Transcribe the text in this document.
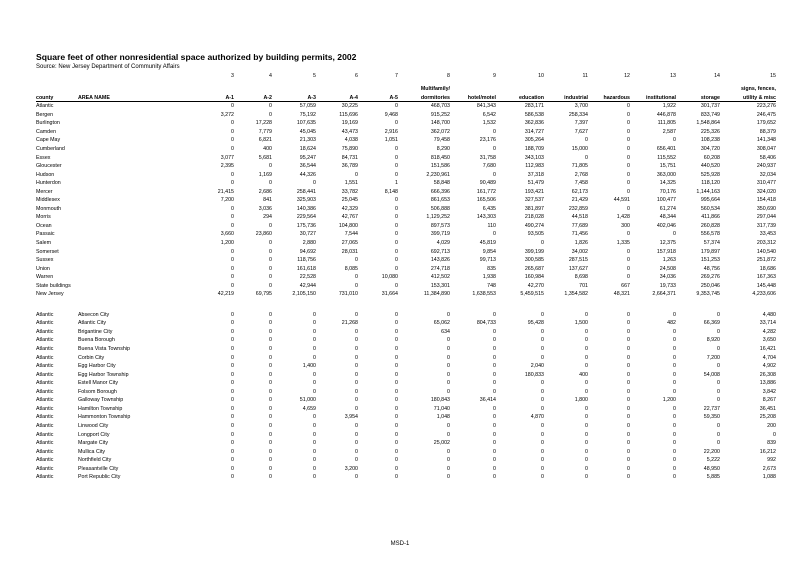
Square feet of other nonresidential space authorized by building permits, 2002
Source: New Jersey Department of Community Affairs
		3	4	5	6	7	8	9	10	11	12	13	14	15
							Multifamily/							signs, fences,
county	AREA NAME	A-1	A-2	A-3	A-4	A-5	dormitories	hotel/motel	education	industrial	hazardous	institutional	storage	utility & misc
Atlantic		0	0	57,059	30,225	0	468,703	841,343	283,171	3,700	0	1,922	301,737	223,276
Bergen		3,272	0	75,192	115,696	9,468	915,252	6,542	586,538	258,334	0	446,878	833,749	246,475
Burlington		0	17,228	107,635	19,169	0	148,700	1,532	362,836	7,397	0	111,805	1,548,864	179,652
Camden		0	7,779	45,045	43,473	2,916	362,072	0	314,727	7,627	0	2,587	225,326	88,379
Cape May		0	6,821	21,303	4,038	1,051	79,458	23,176	305,264	0	0	0	108,238	141,348
Cumberland		0	400	18,624	75,890	0	8,290	0	188,709	15,000	0	656,401	304,720	308,047
Essex		3,077	5,681	95,247	84,731	0	818,450	31,758	343,103	0	0	115,552	60,208	58,406
Gloucester		2,395	0	36,544	36,789	0	151,586	7,680	112,983	71,805	0	15,751	440,520	240,937
Hudson		0	1,169	44,326	0	0	2,230,961	0	37,318	2,768	0	363,000	525,928	32,034
Hunterdon		0	0	0	1,551	1	58,848	90,489	51,479	7,458	0	14,325	118,120	310,477
Mercer		21,415	2,686	258,441	33,782	8,148	666,396	161,772	193,421	62,173	0	70,176	1,144,163	324,020
Middlesex		7,200	841	325,903	25,045	0	861,653	165,506	327,537	21,429	44,591	100,477	995,664	154,418
Monmouth		0	3,036	140,386	42,329	0	506,888	6,435	381,897	232,859	0	61,274	560,534	350,690
Morris		0	294	229,564	42,767	0	1,129,252	143,303	218,028	44,518	1,428	48,344	411,866	297,044
Ocean		0	0	175,736	104,800	0	897,573	110	490,274	77,689	300	402,046	260,828	317,739
Passaic		3,660	23,860	30,727	7,544	0	399,719	0	93,505	71,456	0	0	556,578	33,453
Salem		1,200	0	2,880	27,065	0	4,029	45,819	0	1,826	1,335	12,375	57,374	203,312
Somerset		0	0	94,692	28,031	0	692,713	9,854	399,199	34,002	0	157,918	179,897	140,540
Sussex		0	0	118,756	0	0	143,826	99,713	300,585	287,515	0	1,263	151,253	251,872
Union		0	0	161,618	8,085	0	274,718	835	265,687	137,627	0	24,508	48,756	18,686
Warren		0	0	22,528	0	10,080	412,502	1,938	160,984	8,698	0	34,036	269,276	167,363
State buildings		0	0	42,944	0	0	153,301	748	42,270	701	667	19,733	250,046	145,448
New Jersey		42,219	69,795	2,105,150	731,010	31,664	11,384,890	1,638,553	5,459,515	1,354,582	48,321	2,664,371	9,353,745	4,233,606

Atlantic	Absecon City	0	0	0	0	0	0	0	0	0	0	0	0	4,480
Atlantic	Atlantic City	0	0	0	21,268	0	65,062	804,733	95,428	1,500	0	482	66,369	33,714
Atlantic	Brigantine City	0	0	0	0	0	634	0	0	0	0	0	0	4,282
Atlantic	Buena Borough	0	0	0	0	0	0	0	0	0	0	0	8,920	3,650
Atlantic	Buena Vista Township	0	0	0	0	0	0	0	0	0	0	0	0	16,421
Atlantic	Corbin City	0	0	0	0	0	0	0	0	0	0	0	7,200	4,704
Atlantic	Egg Harbor City	0	0	1,400	0	0	0	0	2,040	0	0	0	0	4,902
Atlantic	Egg Harbor Township	0	0	0	0	0	0	0	180,833	400	0	0	54,008	26,308
Atlantic	Estell Manor City	0	0	0	0	0	0	0	0	0	0	0	0	13,886
Atlantic	Folsom Borough	0	0	0	0	0	0	0	0	0	0	0	0	3,842
Atlantic	Galloway Township	0	0	51,000	0	0	180,843	36,414	0	1,800	0	1,200	0	8,267
Atlantic	Hamilton Township	0	0	4,659	0	0	71,040	0	0	0	0	0	22,737	36,451
Atlantic	Hammonton Township	0	0	0	3,954	0	1,048	0	4,870	0	0	0	59,350	25,208
Atlantic	Linwood City	0	0	0	0	0	0	0	0	0	0	0	0	200
Atlantic	Longport City	0	0	0	0	0	0	0	0	0	0	0	0	0
Atlantic	Margate City	0	0	0	0	0	25,002	0	0	0	0	0	0	839
Atlantic	Mullica City	0	0	0	0	0	0	0	0	0	0	0	22,200	16,212
Atlantic	Northfield City	0	0	0	0	0	0	0	0	0	0	0	5,222	992
Atlantic	Pleasantville City	0	0	0	3,200	0	0	0	0	0	0	0	48,950	2,673
Atlantic	Port Republic City	0	0	0	0	0	0	0	0	0	0	0	5,885	1,088
MSD-1
